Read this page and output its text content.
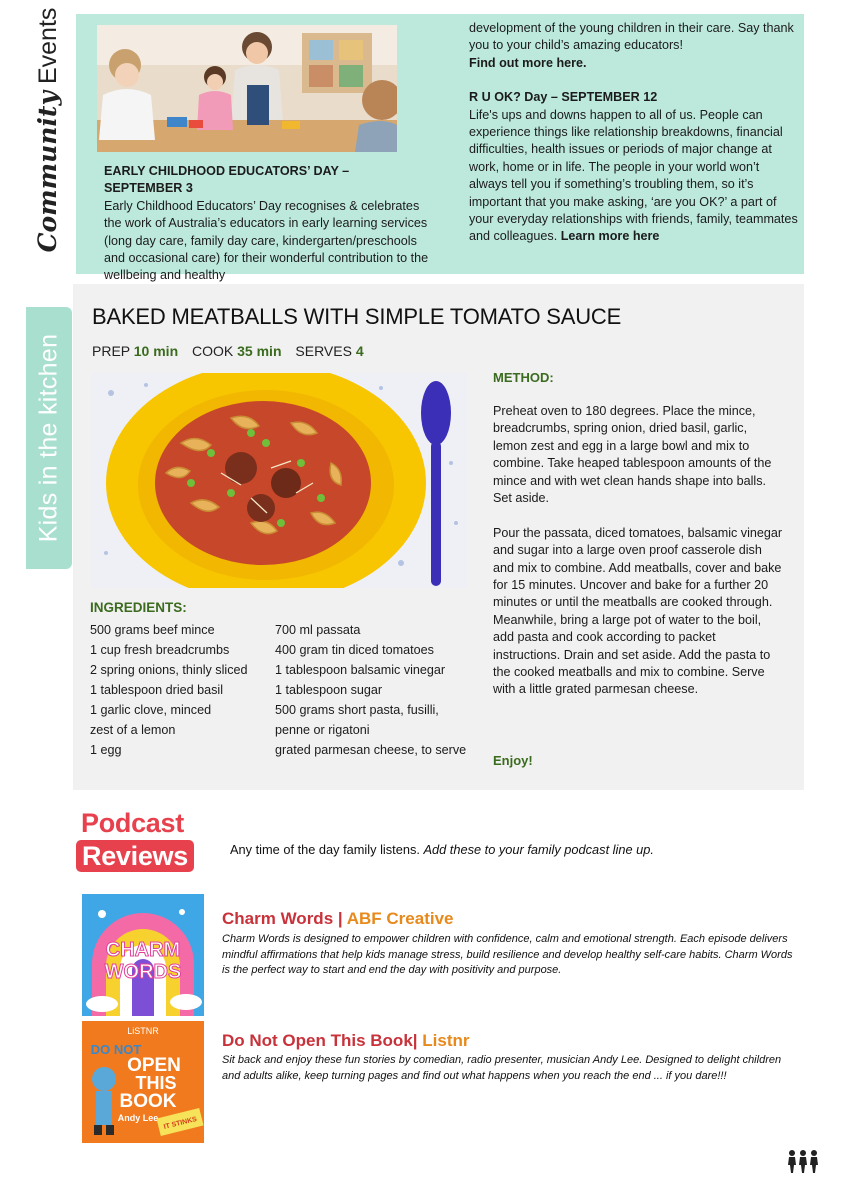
Community Events
EARLY CHILDHOOD EDUCATORS’ DAY – SEPTEMBER 3
Early Childhood Educators’ Day recognises & celebrates the work of Australia’s educators in early learning services (long day care, family day care, kindergarten/preschools and occasional care) for their wonderful contribution to the wellbeing and healthy
development of the young children in their care. Say thank you to your child’s amazing educators!
Find out more here.
R U OK? Day – SEPTEMBER 12
Life's ups and downs happen to all of us. People can experience things like relationship breakdowns, financial difficulties, health issues or periods of major change at work, home or in life. The people in your world won’t always tell you if something’s troubling them, so it’s important that you make asking, ‘are you OK?’ a part of your everyday relationships with friends, family, teammates and colleagues. Learn more here
Kids in the kitchen
BAKED MEATBALLS WITH SIMPLE TOMATO SAUCE
PREP 10 min COOK 35 min SERVES 4
INGREDIENTS:
500 grams beef mince
1 cup fresh breadcrumbs
2 spring onions, thinly sliced
1 tablespoon dried basil
1 garlic clove, minced
zest of a lemon
1 egg
700 ml passata
400 gram tin diced tomatoes
1 tablespoon balsamic vinegar
1 tablespoon sugar
500 grams short pasta, fusilli,
penne or rigatoni
grated parmesan cheese, to serve
METHOD:

Preheat oven to 180 degrees. Place the mince, breadcrumbs, spring onion, dried basil, garlic, lemon zest and egg in a large bowl and mix to combine. Take heaped tablespoon amounts of the mince and with wet clean hands shape into balls. Set aside.

Pour the passata, diced tomatoes, balsamic vinegar and sugar into a large oven proof casserole dish and mix to combine. Add meatballs, cover and bake for 15 minutes. Uncover and bake for a further 20 minutes or until the meatballs are cooked through. Meanwhile, bring a large pot of water to the boil, add pasta and cook according to packet instructions. Drain and set aside. Add the pasta to the cooked meatballs and mix to combine. Serve with a little grated parmesan cheese.

Enjoy!
Podcast
Reviews	Any time of the day family listens. Add these to your family podcast line up.
CHARM
WORDS
Charm Words | ABF Creative
Charm Words is designed to empower children with confidence, calm and emotional strength. Each episode delivers mindful affirmations that help kids manage stress, build resilience and develop healthy self-care habits. Charm Words is the perfect way to start and end the day with positivity and purpose.
LiSTNR
DO NOT
OPEN
THIS
BOOK
Andy Lee IT STINKS
Do Not Open This Book| Listnr
Sit back and enjoy these fun stories by comedian, radio presenter, musician Andy Lee. Designed to delight children and adults alike, keep turning pages and find out what happens when you reach the end ... if you dare!!!
